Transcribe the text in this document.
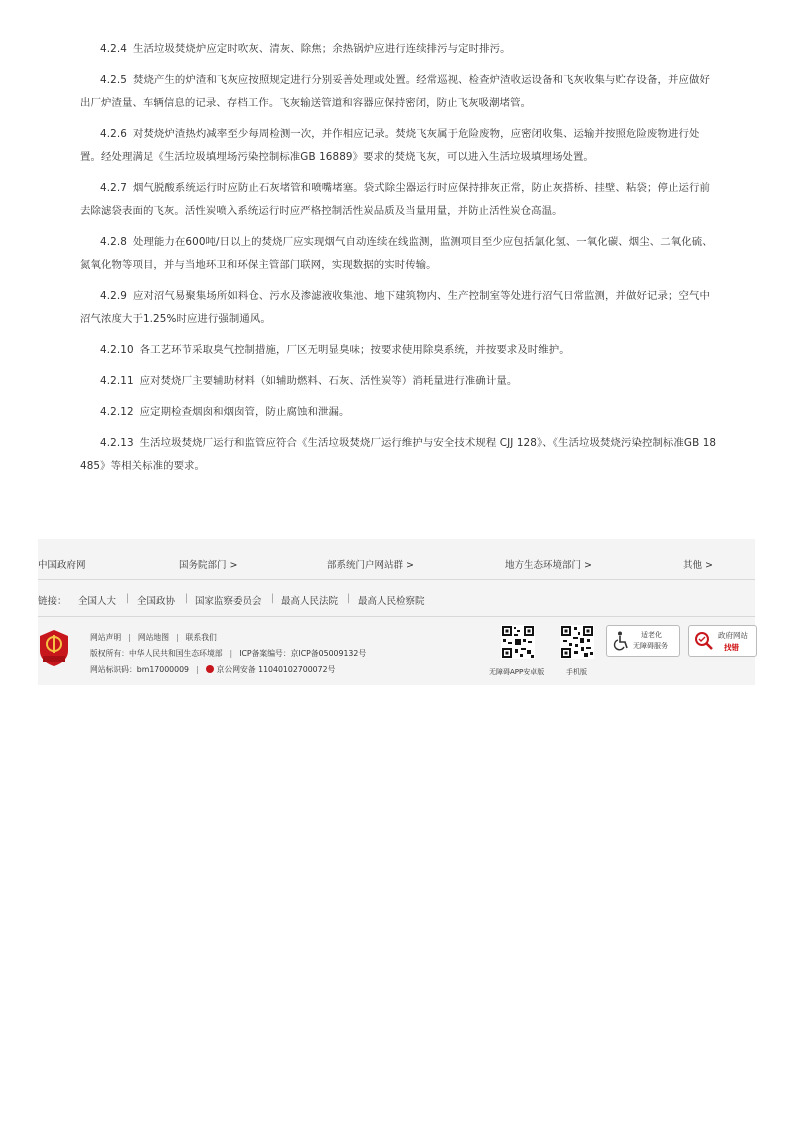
4.2.4 生活垃圾焚烧炉应定时吹灰、清灰、除焦；余热锅炉应进行连续排污与定时排污。

4.2.5 焚烧产生的炉渣和飞灰应按照规定进行分别妥善处理或处置。经常巡视、检查炉渣收运设备和飞灰收集与贮存设备，并应做好出厂炉渣量、车辆信息的记录、存档工作。飞灰输送管道和容器应保持密闭，防止飞灰吸潮堵管。

4.2.6 对焚烧炉渣热灼减率至少每周检测一次，并作相应记录。焚烧飞灰属于危险废物，应密闭收集、运输并按照危险废物进行处置。经处理满足《生活垃圾填埋场污染控制标准GB 16889》要求的焚烧飞灰，可以进入生活垃圾填埋场处置。

4.2.7 烟气脱酸系统运行时应防止石灰堵管和喷嘴堵塞。袋式除尘器运行时应保持排灰正常，防止灰搭桥、挂壁、粘袋；停止运行前去除滤袋表面的飞灰。活性炭喷入系统运行时应严格控制活性炭品质及当量用量，并防止活性炭仓高温。

4.2.8 处理能力在600吨/日以上的焚烧厂应实现烟气自动连续在线监测，监测项目至少应包括氯化氢、一氧化碳、烟尘、二氧化硫、氮氧化物等项目，并与当地环卫和环保主管部门联网，实现数据的实时传输。

4.2.9 应对沼气易聚集场所如料仓、污水及渗滤液收集池、地下建筑物内、生产控制室等处进行沼气日常监测，并做好记录；空气中沼气浓度大于1.25%时应进行强制通风。

4.2.10 各工艺环节采取臭气控制措施，厂区无明显臭味；按要求使用除臭系统，并按要求及时维护。

4.2.11 应对焚烧厂主要辅助材料（如辅助燃料、石灰、活性炭等）消耗量进行准确计量。

4.2.12 应定期检查烟囱和烟囱管，防止腐蚀和泄漏。

4.2.13 生活垃圾焚烧厂运行和监管应符合《生活垃圾焚烧厂运行维护与安全技术规程 CJJ 128》、《生活垃圾焚烧污染控制标准GB 18485》等相关标准的要求。

中国政府网	国务院部门 >	部系统门户网站群 >	地方生态环境部门 >	其他 >
链接： 全国人大 | 全国政协 | 国家监察委员会 | 最高人民法院 | 最高人民检察院
网站声明 | 网站地图 | 联系我们
版权所有：中华人民共和国生态环境部 | ICP备案编号：京ICP备05009132号
网站标识码：bm17000009 | 京公网安备 11040102700072号	无障碍APP安卓版	手机版
适老化
无障碍服务
政府网站
找错
